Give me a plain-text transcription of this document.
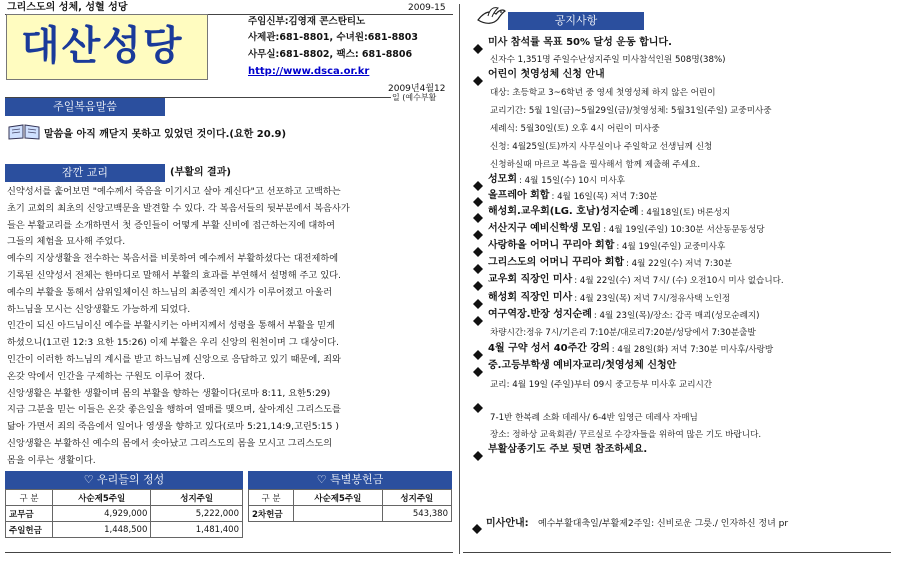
그리스도의 성체, 성혈 성당	2009-15
대산성당
주임신부:김영재 콘스탄티노
사제관:681-8801, 수녀원:681-8803
사무실:681-8802, 팩스: 681-8806
http://www.dsca.or.kr
2009년4월12
일 (예수부활
주일복음말씀
말씀을 아직 깨닫지 못하고 있었던 것이다.(요한 20.9)
잠깐 교리	(부활의 결과)
신약성서를 훑어보면 "예수께서 죽음을 이기시고 살아 계신다"고 선포하고 고백하는
초기 교회의 최초의 신앙고백문을 발견할 수 있다. 각 복음서들의 뒷부분에서 복음사가
들은 부활교리를 소개하면서 첫 증인들이 어떻게 부활 신비에 접근하는지에 대하여
그들의 체험을 묘사해 주었다.
예수의 지상생활을 전수하는 복음서를 비롯하여 예수께서 부활하셨다는 대전제하에
기록된 신약성서 전체는 한마디로 말해서 부활의 효과를 부연해서 설명해 주고 있다.
예수의 부활을 통해서 삼위일체이신 하느님의 최종적인 계시가 이루어졌고 아울러
하느님을 모시는 신앙생활도 가능하게 되었다.
인간이 되신 아드님이신 예수를 부활시키는 아버지께서 성령을 통해서 부활을 믿게
하셨으니(1고린 12:3 요한 15:26) 이제 부활은 우리 신앙의 원천이며 그 대상이다.
인간이 이러한 하느님의 계시를 받고 하느님께 신앙으로 응답하고 있기 때문에, 죄와
온갖 악에서 인간을 구제하는 구원도 이루어 졌다.
신앙생활은 부활한 생활이며 몸의 부활을 향하는 생활이다(로마 8:11, 요한5:29)
지금 그분을 믿는 이들은 온갖 좋은일을 행하여 열매를 맺으며, 살아계신 그리스도를
닮아 가면서 죄의 죽음에서 일어나 영생을 향하고 있다(로마 5:21,14:9,고린5:15 )
신앙생활은 부활하신 예수의 몸에서 솟아났고 그리스도의 몸을 모시고 그리스도의
몸을 이루는 생활이다.
♡ 우리들의 정성
구 분	사순제5주일	성지주일
교무금	4,929,000	5,222,000
주일헌금	1,448,500	1,481,400
♡ 특별봉헌금
구 분	사순제5주일	성지주일
2차헌금		543,380
공지사항
미사 참석률 목표 50% 달성 운동 합니다.
신자수 1,351명 주일수난성지주일 미사참석인원 508명(38%)
어린이 첫영성체 신청 안내
대상: 초등학교 3~6학년 중 영세 첫영성체 하지 않은 어린이
교리기간: 5월 1일(금)~5월29일(금)/첫영성체: 5월31일(주일) 교중미사중
세례식: 5월30일(토) 오후 4시 어린이 미사중
신청: 4월25일(토)까지 사무실이나 주일학교 선생님께 신청
신청하실때 마르코 복음을 필사해서 함께 제출해 주세요.
성모회 : 4월 15일(수) 10시 미사후
올프레아 회합 : 4월 16일(목) 저녁 7:30분
해성회.교우회(LG. 호남)성지순례 : 4월18일(토) 버론성지
서산지구 예비신학생 모임 : 4월 19일(주일) 10:30분 서산동문동성당
사랑하올 어머니 꾸리아 회합 : 4월 19일(주일) 교중미사후
그리스도의 어머니 꾸리아 회합 : 4월 22일(수) 저녁 7:30분
교우회 직장인 미사 : 4월 22일(수) 저녁 7시/ (수) 오전10시 미사 없습니다.
해성회 직장인 미사 : 4월 23일(목) 저녁 7시/정유사택 노인정
여구역장.반장 성지순례 : 4월 23일(목)/장소: 갑곡 매괴(성모순례지)
차량시간:정유 7시/기은리 7:10분/대로리7:20분/성당에서 7:30분출발
4월 구약 성서 40주간 강의 : 4월 28일(화) 저녁 7:30분 미사후/사랑방
중.고등부학생 예비자교리/첫영성체 신청안
교리: 4월 19일 (주일)부터 09시 중고등부 미사후 교리시간
7-1반 한복례 소화 데레사/ 6-4반 임영근 데레사 자매님
장소: 정하상 교육회관/ 꾸르실로 수강자들을 위하여 많은 기도 바랍니다.
부활삼종기도 주보 뒷면 참조하세요.
미사안내: 예수부활대축일/부활제2주일: 신비로운 그릇./ 인자하신 정녀 pr
